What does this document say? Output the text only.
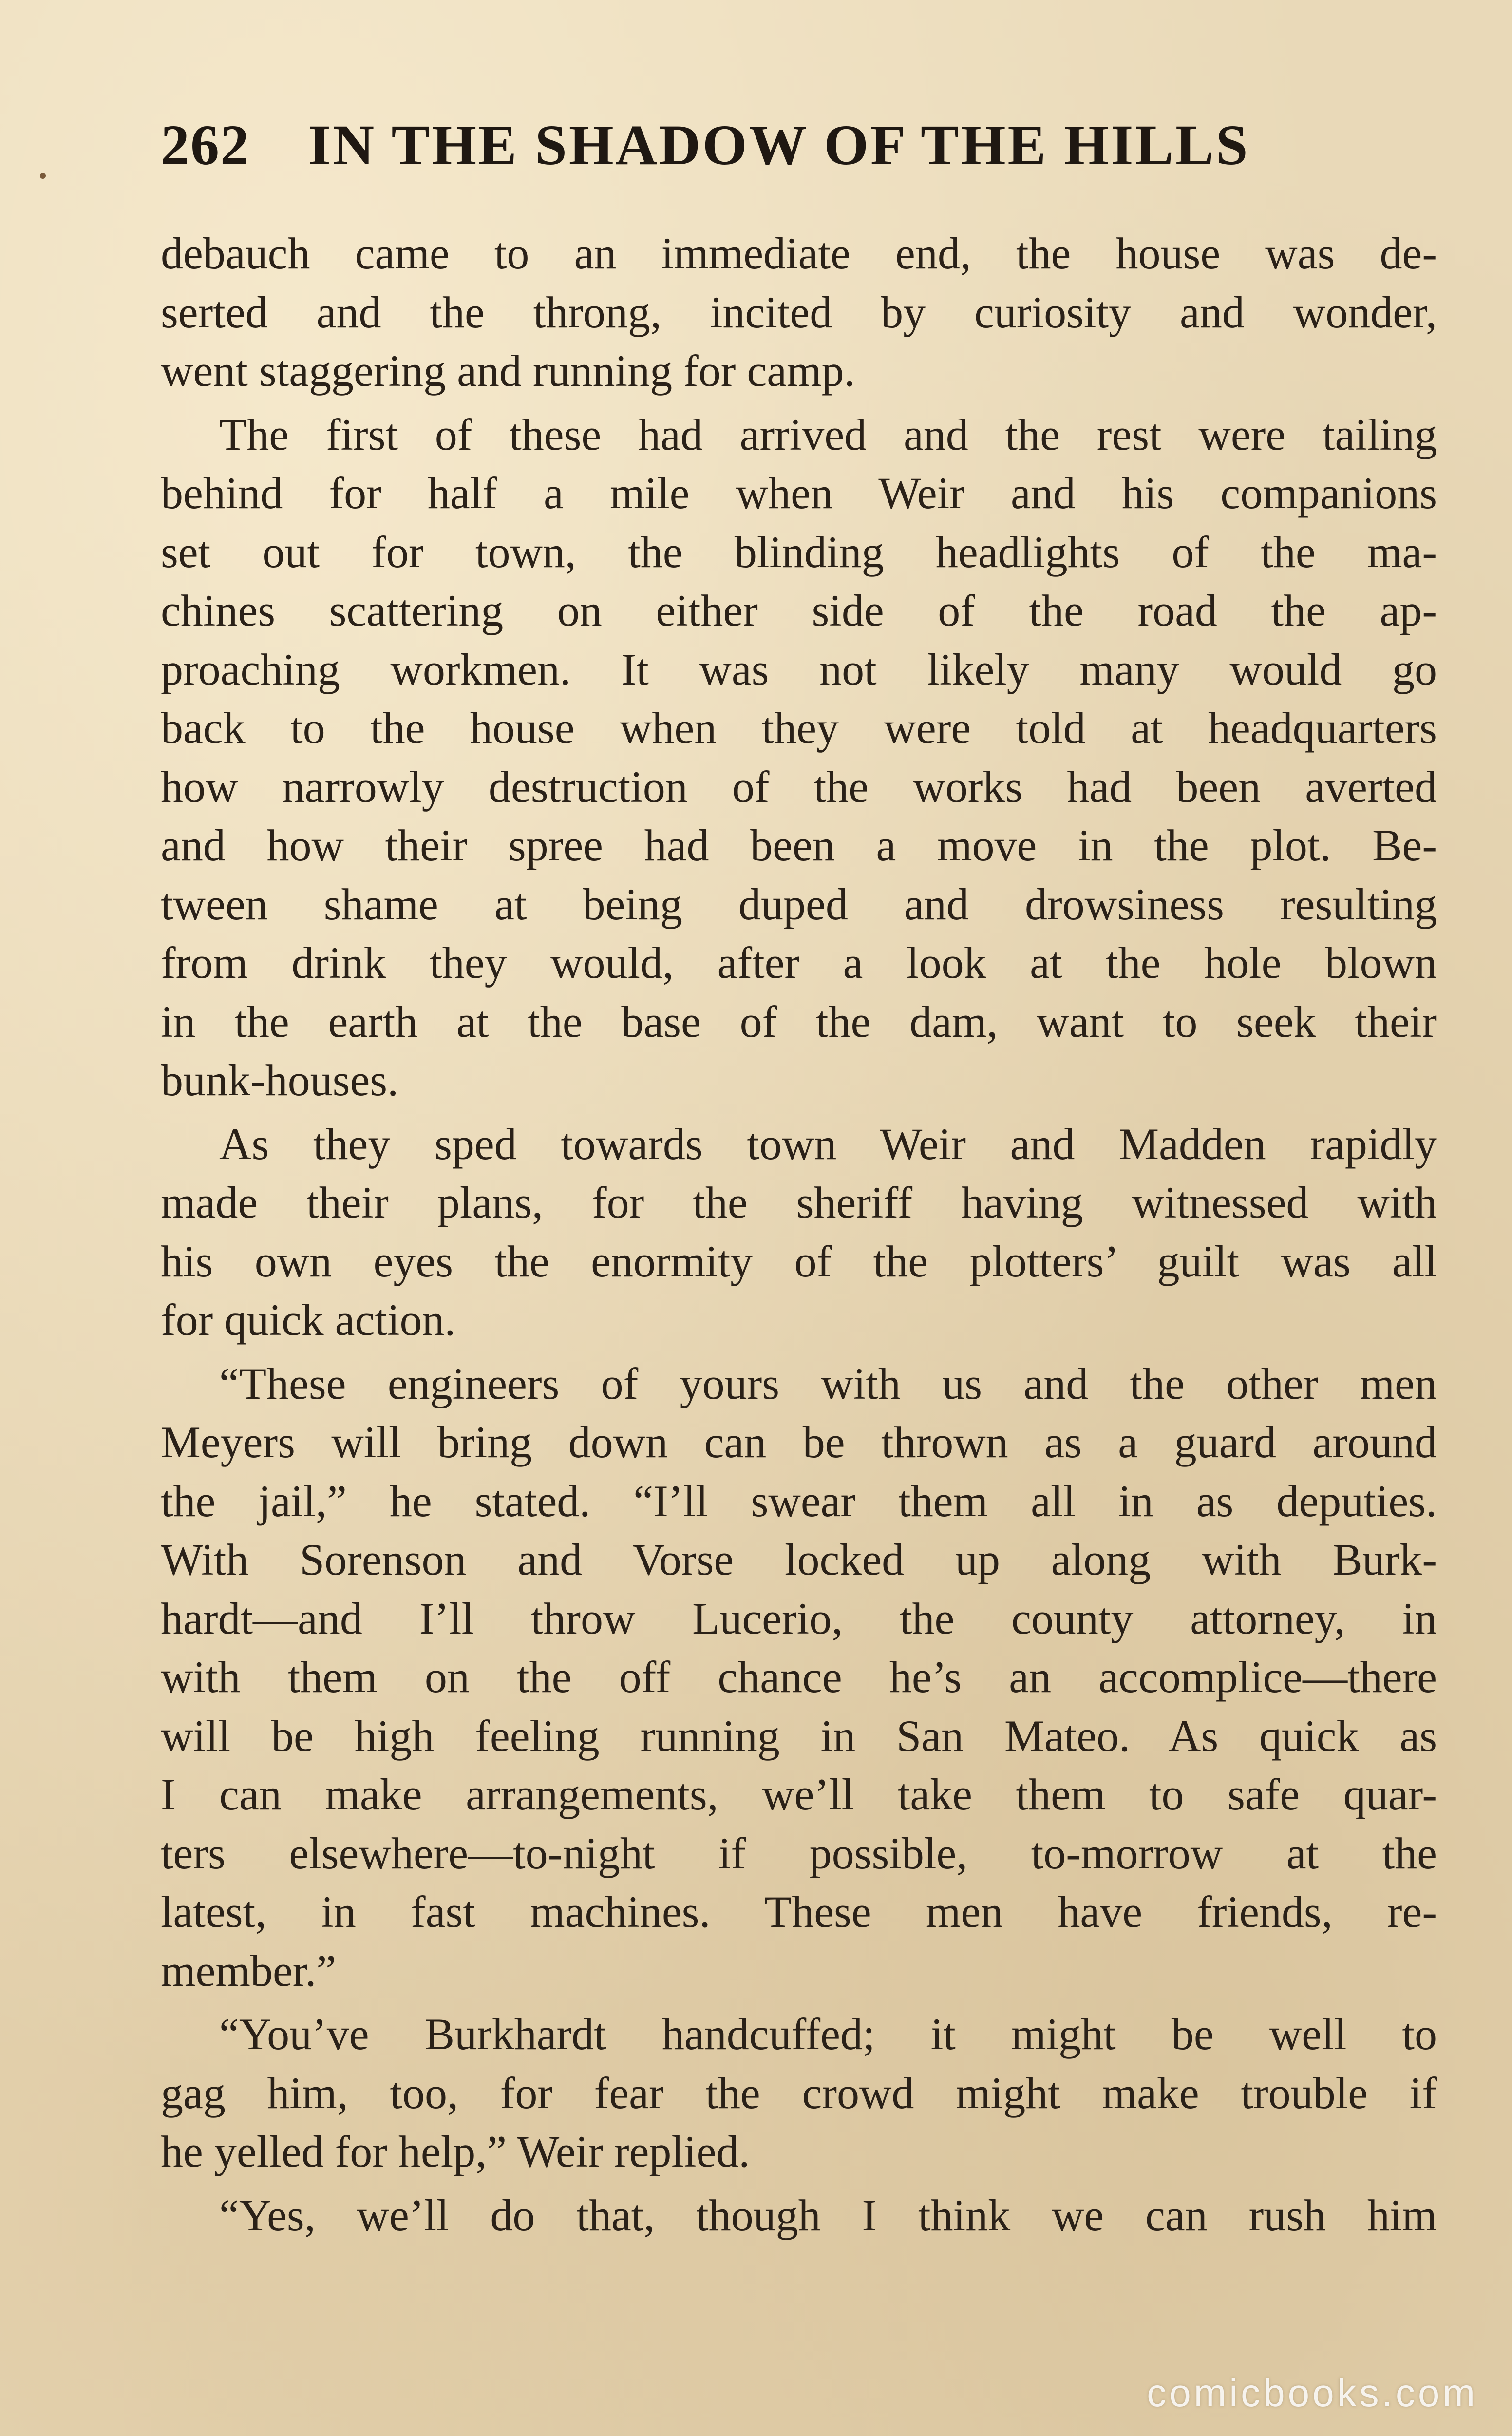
262 IN THE SHADOW OF THE HILLS
debauch came to an immediate end, the house was de-
serted and the throng, incited by curiosity and wonder,
went staggering and running for camp.
The first of these had arrived and the rest were tailing
behind for half a mile when Weir and his companions
set out for town, the blinding headlights of the ma-
chines scattering on either side of the road the ap-
proaching workmen. It was not likely many would go
back to the house when they were told at headquarters
how narrowly destruction of the works had been averted
and how their spree had been a move in the plot. Be-
tween shame at being duped and drowsiness resulting
from drink they would, after a look at the hole blown
in the earth at the base of the dam, want to seek their
bunk-houses.
As they sped towards town Weir and Madden rapidly
made their plans, for the sheriff having witnessed with
his own eyes the enormity of the plotters’ guilt was all
for quick action.
“These engineers of yours with us and the other men
Meyers will bring down can be thrown as a guard around
the jail,” he stated. “I’ll swear them all in as deputies.
With Sorenson and Vorse locked up along with Burk-
hardt—and I’ll throw Lucerio, the county attorney, in
with them on the off chance he’s an accomplice—there
will be high feeling running in San Mateo. As quick as
I can make arrangements, we’ll take them to safe quar-
ters elsewhere—to-night if possible, to-morrow at the
latest, in fast machines. These men have friends, re-
member.”
“You’ve Burkhardt handcuffed; it might be well to
gag him, too, for fear the crowd might make trouble if
he yelled for help,” Weir replied.
“Yes, we’ll do that, though I think we can rush him
comicbooks.com
